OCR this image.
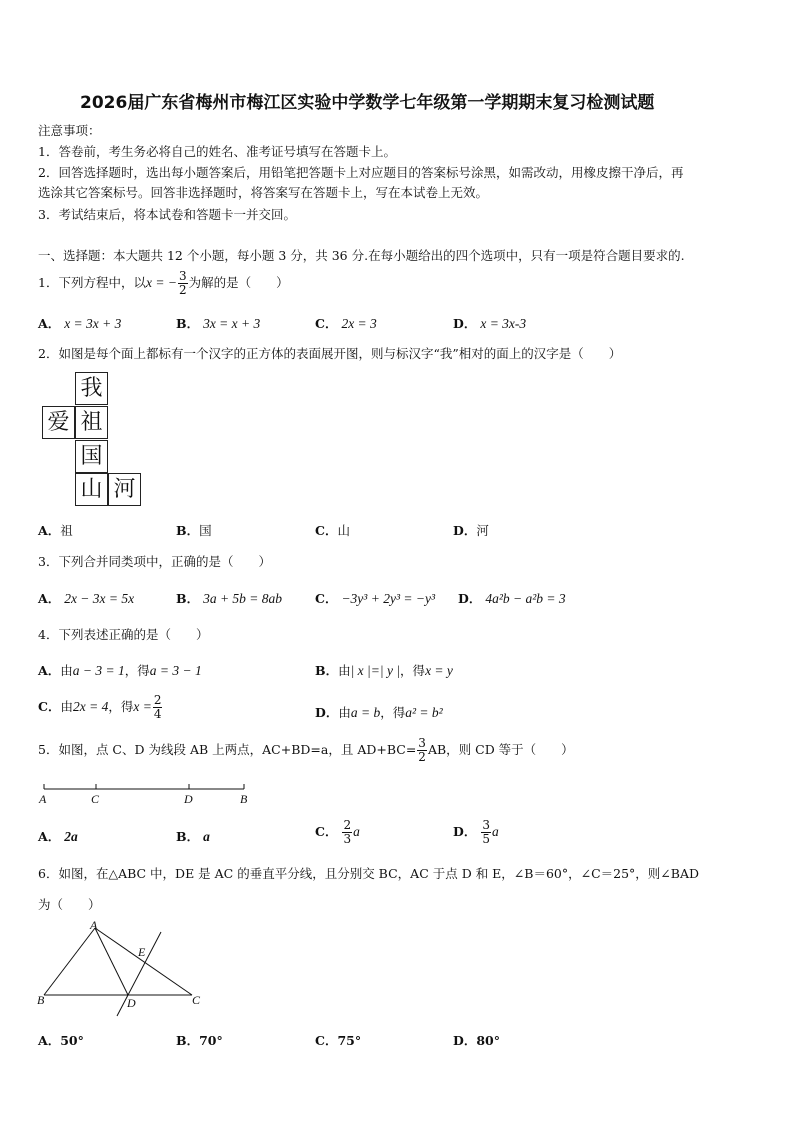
2026届广东省梅州市梅江区实验中学数学七年级第一学期期末复习检测试题
注意事项：
1．答卷前，考生务必将自己的姓名、准考证号填写在答题卡上。
2．回答选择题时，选出每小题答案后，用铅笔把答题卡上对应题目的答案标号涂黑，如需改动，用橡皮擦干净后，再
选涂其它答案标号。回答非选择题时，将答案写在答题卡上，写在本试卷上无效。
3．考试结束后，将本试卷和答题卡一并交回。
一、选择题：本大题共 12 个小题，每小题 3 分，共 36 分.在每小题给出的四个选项中，只有一项是符合题目要求的.
1．下列方程中，以x = − $\frac{3}{2}$ 为解的是（　　）
A． x = 3x + 3	B． 3x = x + 3	C． 2x = 3	D． x = 3x-3
2．如图是每个面上都标有一个汉字的正方体的表面展开图，则与标汉字“我”相对的面上的汉字是（　　）
我
爱 祖
国
山 河
A．祖	B．国	C．山	D．河
3．下列合并同类项中，正确的是（　　）
A． 2x − 3x = 5x	B． 3a + 5b = 8ab	C． −3y³ + 2y³ = −y³ D． 4a²b − a²b = 3
4．下列表述正确的是（　　）
A．由a − 3 = 1，得a = 3 − 1	B．由| x |=| y |，得x = y
C．由2x = 4，得$x = \frac{2}{4}$	D．由a = b，得a² = b²
5．如图，点 C、D 为线段 AB 上两点，AC+BD=a，且 $AD+BC= \frac{3}{2}$ AB，则 CD 等于（　　）
A	C	D	B
A． 2a	B． a	C． $\frac{2}{3}$ a	D． $\frac{3}{5}$ a
6．如图，在△ABC 中，DE 是 AC 的垂直平分线，且分别交 BC，AC 于点 D 和 E，∠B＝60°，∠C＝25°，则∠BAD
为（　　）
A
E
B	D	C
A．50°	B．70°	C．75°	D．80°
